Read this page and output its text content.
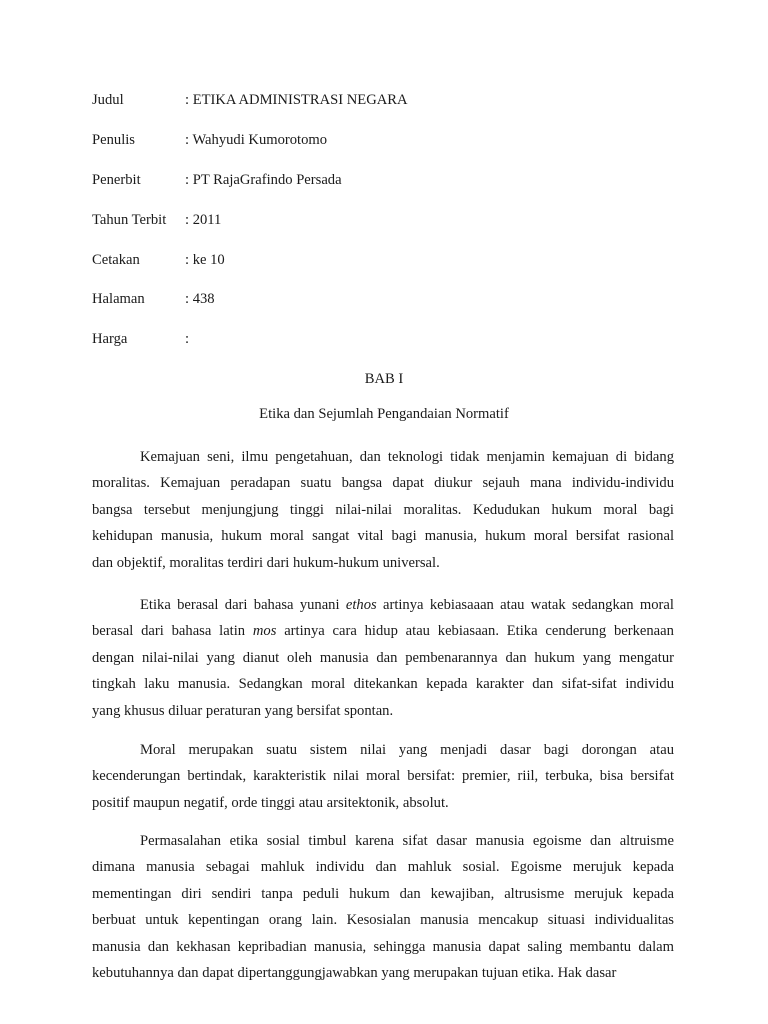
Judul	: ETIKA ADMINISTRASI NEGARA
Penulis	: Wahyudi Kumorotomo
Penerbit	: PT RajaGrafindo Persada
Tahun Terbit : 2011
Cetakan	: ke 10
Halaman	: 438
Harga	:
BAB I
Etika dan Sejumlah Pengandaian Normatif
Kemajuan seni, ilmu pengetahuan, dan teknologi tidak menjamin kemajuan di bidang
moralitas. Kemajuan peradapan suatu bangsa dapat diukur sejauh mana individu-individu
bangsa tersebut menjungjung tinggi nilai-nilai moralitas. Kedudukan hukum moral bagi
kehidupan manusia, hukum moral sangat vital bagi manusia, hukum moral bersifat rasional
dan objektif, moralitas terdiri dari hukum-hukum universal.
Etika berasal dari bahasa yunani ethos artinya kebiasaaan atau watak sedangkan moral
berasal dari bahasa latin mos artinya cara hidup atau kebiasaan. Etika cenderung berkenaan
dengan nilai-nilai yang dianut oleh manusia dan pembenarannya dan hukum yang mengatur
tingkah laku manusia. Sedangkan moral ditekankan kepada karakter dan sifat-sifat individu
yang khusus diluar peraturan yang bersifat spontan.
Moral merupakan suatu sistem nilai yang menjadi dasar bagi dorongan atau
kecenderungan bertindak, karakteristik nilai moral bersifat: premier, riil, terbuka, bisa bersifat
positif maupun negatif, orde tinggi atau arsitektonik, absolut.
Permasalahan etika sosial timbul karena sifat dasar manusia egoisme dan altruisme
dimana manusia sebagai mahluk individu dan mahluk sosial. Egoisme merujuk kepada
mementingan diri sendiri tanpa peduli hukum dan kewajiban, altrusisme merujuk kepada
berbuat untuk kepentingan orang lain. Kesosialan manusia mencakup situasi individualitas
manusia dan kekhasan kepribadian manusia, sehingga manusia dapat saling membantu dalam
kebutuhannya dan dapat dipertanggungjawabkan yang merupakan tujuan etika. Hak dasar
